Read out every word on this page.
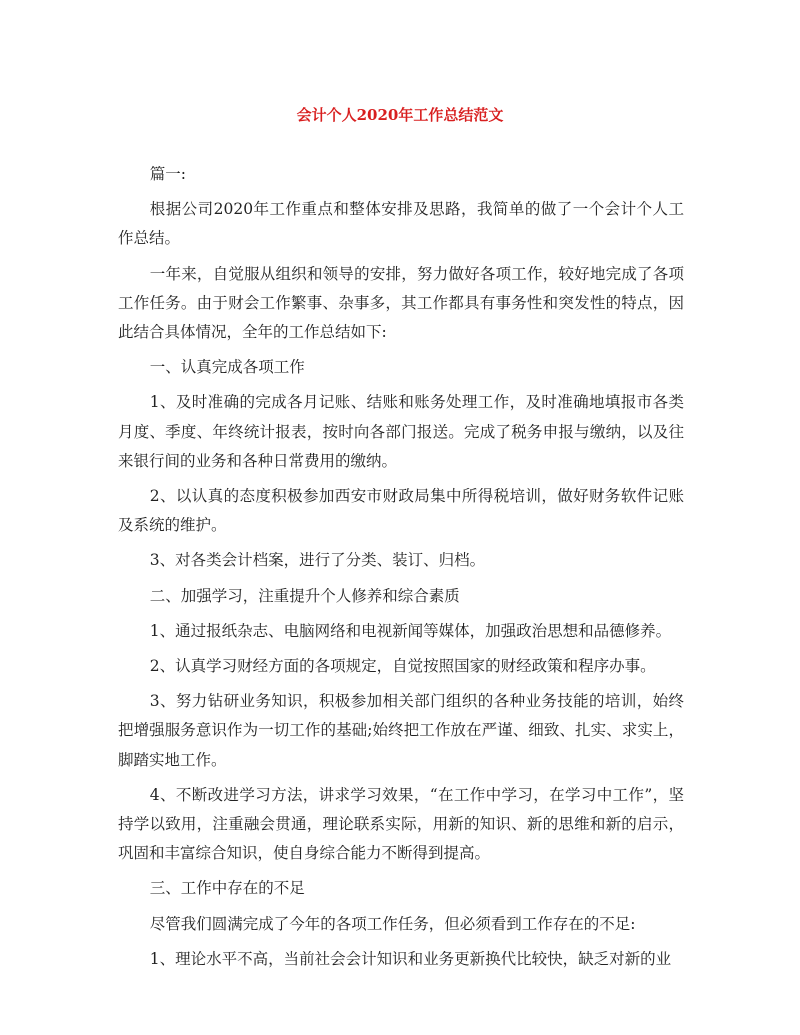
会计个人2020年工作总结范文

篇一:

根据公司2020年工作重点和整体安排及思路，我简单的做了一个会计个人工作总结。

一年来，自觉服从组织和领导的安排，努力做好各项工作，较好地完成了各项工作任务。由于财会工作繁事、杂事多，其工作都具有事务性和突发性的特点，因此结合具体情况，全年的工作总结如下:

一、认真完成各项工作

1、及时准确的完成各月记账、结账和账务处理工作，及时准确地填报市各类月度、季度、年终统计报表，按时向各部门报送。完成了税务申报与缴纳，以及往来银行间的业务和各种日常费用的缴纳。

2、以认真的态度积极参加西安市财政局集中所得税培训，做好财务软件记账及系统的维护。

3、对各类会计档案，进行了分类、装订、归档。

二、加强学习，注重提升个人修养和综合素质

1、通过报纸杂志、电脑网络和电视新闻等媒体，加强政治思想和品德修养。

2、认真学习财经方面的各项规定，自觉按照国家的财经政策和程序办事。

3、努力钻研业务知识，积极参加相关部门组织的各种业务技能的培训，始终把增强服务意识作为一切工作的基础;始终把工作放在严谨、细致、扎实、求实上，脚踏实地工作。

4、不断改进学习方法，讲求学习效果，“在工作中学习，在学习中工作”，坚持学以致用，注重融会贯通，理论联系实际，用新的知识、新的思维和新的启示，巩固和丰富综合知识，使自身综合能力不断得到提高。

三、工作中存在的不足

尽管我们圆满完成了今年的各项工作任务，但必须看到工作存在的不足:

1、理论水平不高，当前社会会计知识和业务更新换代比较快，缺乏对新的业
